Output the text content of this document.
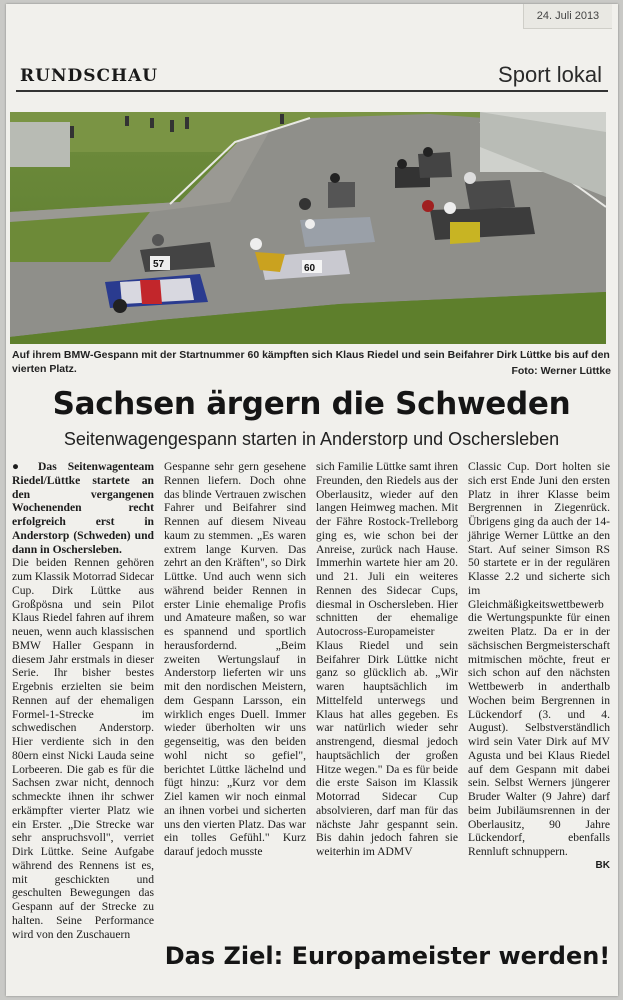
24. Juli 2013
RUNDSCHAU	Sport lokal
57	60
Auf ihrem BMW-Gespann mit der Startnummer 60 kämpften sich Klaus Riedel und sein Beifahrer Dirk Lüttke bis auf den vierten Platz.	Foto: Werner Lüttke
Sachsen ärgern die Schweden
Seitenwagengespann starten in Anderstorp und Oschersleben

● Das Seitenwagenteam Riedel/Lüttke startete an den vergangenen Wochenenden recht erfolgreich erst in Anderstorp (Schweden) und dann in Oschersleben.

Die beiden Rennen gehören zum Klassik Motorrad Sidecar Cup. Dirk Lüttke aus Großpösna und sein Pilot Klaus Riedel fahren auf ihrem neuen, wenn auch klassischen BMW Haller Gespann in diesem Jahr erstmals in dieser Serie. Ihr bisher bestes Ergebnis erzielten sie beim Rennen auf der ehemaligen Formel-1-Strecke im schwedischen Anderstorp. Hier verdiente sich in den 80ern einst Nicki Lauda seine Lorbeeren. Die gab es für die Sachsen zwar nicht, dennoch schmeckte ihnen ihr schwer erkämpfter vierter Platz wie ein Erster. „Die Strecke war sehr anspruchsvoll", verriet Dirk Lüttke. Seine Aufgabe während des Rennens ist es, mit geschickten und geschulten Bewegungen das Gespann auf der Strecke zu halten. Seine Performance wird von den Zuschauern

Gespanne sehr gern gesehene Rennen liefern. Doch ohne das blinde Vertrauen zwischen Fahrer und Beifahrer sind Rennen auf diesem Niveau kaum zu stemmen. „Es waren extrem lange Kurven. Das zehrt an den Kräften", so Dirk Lüttke. Und auch wenn sich während beider Rennen in erster Linie ehemalige Profis und Amateure maßen, so war es spannend und sportlich herausfordernd. „Beim zweiten Wertungslauf in Anderstorp lieferten wir uns mit den nordischen Meistern, dem Gespann Larsson, ein wirklich enges Duell. Immer wieder überholten wir uns gegenseitig, was den beiden wohl nicht so gefiel", berichtet Lüttke lächelnd und fügt hinzu: „Kurz vor dem Ziel kamen wir noch einmal an ihnen vorbei und sicherten uns den vierten Platz. Das war ein tolles Gefühl." Kurz darauf jedoch musste

sich Familie Lüttke samt ihren Freunden, den Riedels aus der Oberlausitz, wieder auf den langen Heimweg machen. Mit der Fähre Rostock-Trelleborg ging es, wie schon bei der Anreise, zurück nach Hause. Immerhin wartete hier am 20. und 21. Juli ein weiteres Rennen des Sidecar Cups, diesmal in Oschersleben. Hier schnitten der ehemalige Autocross-Europameister Klaus Riedel und sein Beifahrer Dirk Lüttke nicht ganz so glücklich ab. „Wir waren hauptsächlich im Mittelfeld unterwegs und Klaus hat alles gegeben. Es war natürlich wieder sehr anstrengend, diesmal jedoch hauptsächlich der großen Hitze wegen." Da es für beide die erste Saison im Klassik Motorrad Sidecar Cup absolvieren, darf man für das nächste Jahr gespannt sein. Bis dahin jedoch fahren sie weiterhin im ADMV

Classic Cup. Dort holten sie sich erst Ende Juni den ersten Platz in ihrer Klasse beim Bergrennen in Ziegenrück. Übrigens ging da auch der 14-jährige Werner Lüttke an den Start. Auf seiner Simson RS 50 startete er in der regulären Klasse 2.2 und sicherte sich im Gleichmäßigkeitswettbewerb die Wertungspunkte für einen zweiten Platz. Da er in der sächsischen Bergmeisterschaft mitmischen möchte, freut er sich schon auf den nächsten Wettbewerb in anderthalb Wochen beim Bergrennen in Lückendorf (3. und 4. August). Selbstverständlich wird sein Vater Dirk auf MV Agusta und bei Klaus Riedel auf dem Gespann mit dabei sein. Selbst Werners jüngerer Bruder Walter (9 Jahre) darf beim Jubiläumsrennen in der Oberlausitz, 90 Jahre Lückendorf, ebenfalls Rennluft schnuppern.

BK

Das Ziel: Europameister werden!
